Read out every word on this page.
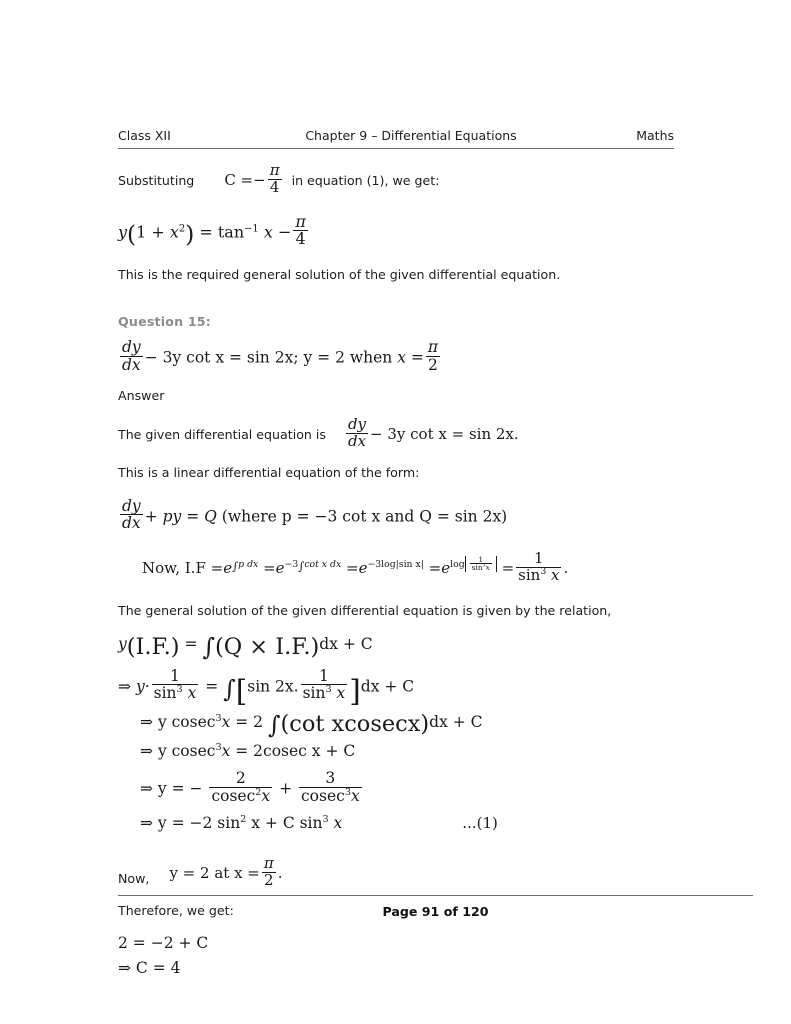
Class XII	Chapter 9 – Differential Equations	Maths
Substituting $C =- \frac{\pi}{4}$ in equation (1), we get:
$y(1 + x^2) = \tan^{-1} x - \frac{\pi}{4}$

This is the required general solution of the given differential equation.

Question 15:
$\frac{dy}{dx} - 3y$ cot x = sin 2x; y = 2 when $x = \frac{\pi}{2}$

Answer

The given differential equation is $\frac{dy}{dx} - 3y$ cot x = sin 2x.

This is a linear differential equation of the form:

$\frac{dy}{dx}$ + py = Q (where p = −3 cot x and Q = sin 2x)
Now, $I.F =e^{\int p dx} =e^{-3\int cot x dx} =e^{-3log|sin x|} =e^{log \frac{1}{\sin^3x}} = \frac{1}{\sin^3 x}$ .

The general solution of the given differential equation is given by the relation,

y(I.F.) = ∫(Q × I.F.)dx + C
⇒ $y\cdot \frac{1}{\sin^3 x} = \int[\sin$ 2x. $\frac{1}{\sin^3 x} ]dx + C$
⇒ y cosec$^3$x = 2 ∫(cot xcosecx)dx + C
⇒ y cosec$^3$x = 2cosec x + C
⇒ y = − $\frac{2}{cosec^2x} + \frac{3}{cosec^3x}$
⇒ y = −2 $\sin^2 x + C$ $\sin^3 x$	...(1)
Now, y = 2 at $x = \frac{\pi}{2}$ .

Therefore, we get:

2 = −2 + C
⇒ C = 4
Page 91 of 120
